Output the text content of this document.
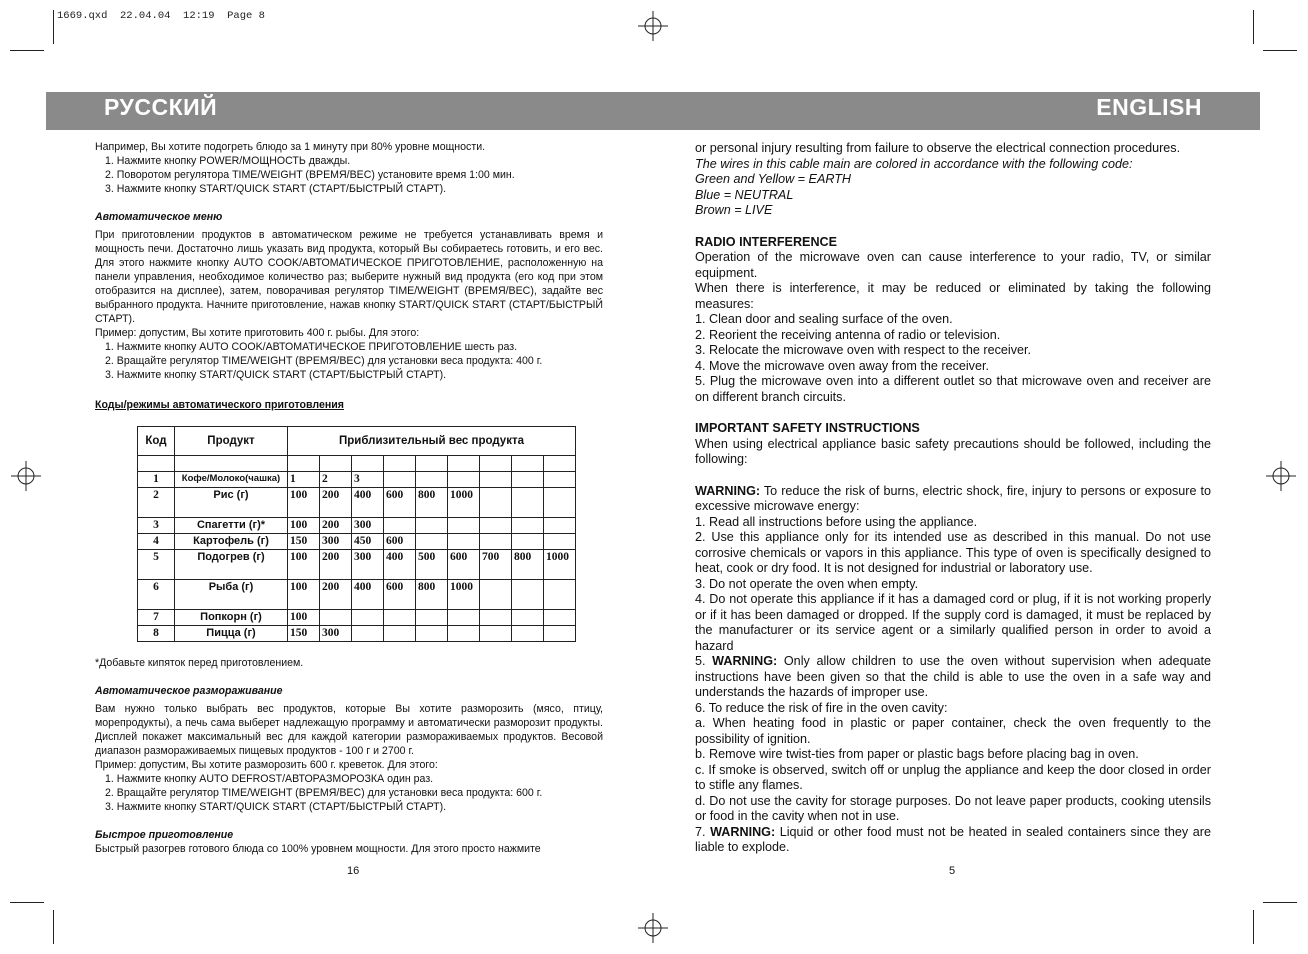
1669.qxd  22.04.04  12:19  Page 8
РУССКИЙ	ENGLISH

Например, Вы хотите подогреть блюдо за 1 минуту при 80% уровне мощности.

1. Нажмите кнопку POWER/МОЩНОСТЬ дважды.
2. Поворотом регулятора TIME/WEIGHT (ВРЕМЯ/ВЕС) установите время 1:00 мин.
3. Нажмите кнопку START/QUICK START (СТАРТ/БЫСТРЫЙ СТАРТ).
Автоматическое меню

При приготовлении продуктов в автоматическом режиме не требуется устанавливать время и мощность печи. Достаточно лишь указать вид продукта, который Вы собираетесь готовить, и его вес. Для этого нажмите кнопку AUTO COOK/АВТОМАТИЧЕСКОЕ ПРИГОТОВЛЕНИЕ, расположенную на панели управления, необходимое количество раз; выберите нужный вид продукта (его код при этом отобразится на дисплее), затем, поворачивая регулятор TIME/WEIGHT (ВРЕМЯ/ВЕС), задайте вес выбранного продукта. Начните приготовление, нажав кнопку START/QUICK START (СТАРТ/БЫСТРЫЙ СТАРТ).

Пример: допустим, Вы хотите приготовить 400 г. рыбы. Для этого:
1. Нажмите кнопку AUTO COOK/АВТОМАТИЧЕСКОЕ ПРИГОТОВЛЕНИЕ шесть раз.
2. Вращайте регулятор TIME/WEIGHT (ВРЕМЯ/ВЕС) для установки веса продукта: 400 г.
3. Нажмите кнопку START/QUICK START (СТАРТ/БЫСТРЫЙ СТАРТ).
Коды/режимы автоматического приготовления
Код	Продукт	Приблизительный вес продукта								

1	Кофе/Молоко(чашка)	1	2	3						
2	Рис (г)	100	200	400	600	800	1000			
3	Спагетти (г)*	100	200	300						
4	Картофель (г)	150	300	450	600					
5	Подогрев (г)	100	200	300	400	500	600	700	800	1000
6	Рыба (г)	100	200	400	600	800	1000			
7	Попкорн (г)	100								
8	Пицца (г)	150	300							
*Добавьте кипяток перед приготовлением.
Автоматическое размораживание

Вам нужно только выбрать вес продуктов, которые Вы хотите разморозить (мясо, птицу, морепродукты), а печь сама выберет надлежащую программу и автоматически разморозит продукты. Дисплей покажет максимальный вес для каждой категории размораживаемых продуктов. Весовой диапазон размораживаемых пищевых продуктов - 100 г и 2700 г.

Пример: допустим, Вы хотите разморозить 600 г. креветок. Для этого:
1. Нажмите кнопку AUTO DEFROST/АВТОРАЗМОРОЗКА один раз.
2. Вращайте регулятор TIME/WEIGHT (ВРЕМЯ/ВЕС) для установки веса продукта: 600 г.
3. Нажмите кнопку START/QUICK START (СТАРТ/БЫСТРЫЙ СТАРТ).
Быстрое приготовление
Быстрый разогрев готового блюда со 100% уровнем мощности. Для этого просто нажмите
16

or personal injury resulting from failure to observe the electrical connection procedures.

The wires in this cable main are colored in accordance with the following code:
Green and Yellow = EARTH
Blue = NEUTRAL
Brown = LIVE
RADIO INTERFERENCE

Operation of the microwave oven can cause interference to your radio, TV, or similar equipment.

When there is interference, it may be reduced or eliminated by taking the following measures:

1. Clean door and sealing surface of the oven.
2. Reorient the receiving antenna of radio or television.
3. Relocate the microwave oven with respect to the receiver.
4. Move the microwave oven away from the receiver.
5. Plug the microwave oven into a different outlet so that microwave oven and receiver are on different branch circuits.
IMPORTANT SAFETY INSTRUCTIONS

When using electrical appliance basic safety precautions should be followed, including the following:

WARNING: To reduce the risk of burns, electric shock, fire, injury to persons or exposure to excessive microwave energy:

1. Read all instructions before using the appliance.
2. Use this appliance only for its intended use as described in this manual. Do not use corrosive chemicals or vapors in this appliance. This type of oven is specifically designed to heat, cook or dry food. It is not designed for industrial or laboratory use.
3. Do not operate the oven when empty.
4. Do not operate this appliance if it has a damaged cord or plug, if it is not working properly or if it has been damaged or dropped. If the supply cord is damaged, it must be replaced by the manufacturer or its service agent or a similarly qualified person in order to avoid a hazard

5. WARNING: Only allow children to use the oven without supervision when adequate instructions have been given so that the child is able to use the oven in a safe way and understands the hazards of improper use.

6. To reduce the risk of fire in the oven cavity:
a. When heating food in plastic or paper container, check the oven frequently to the possibility of ignition.
b. Remove wire twist-ties from paper or plastic bags before placing bag in oven.
c. If smoke is observed, switch off or unplug the appliance and keep the door closed in order to stifle any flames.
d. Do not use the cavity for storage purposes. Do not leave paper products, cooking utensils or food in the cavity when not in use.

7. WARNING: Liquid or other food must not be heated in sealed containers since they are liable to explode.

5
